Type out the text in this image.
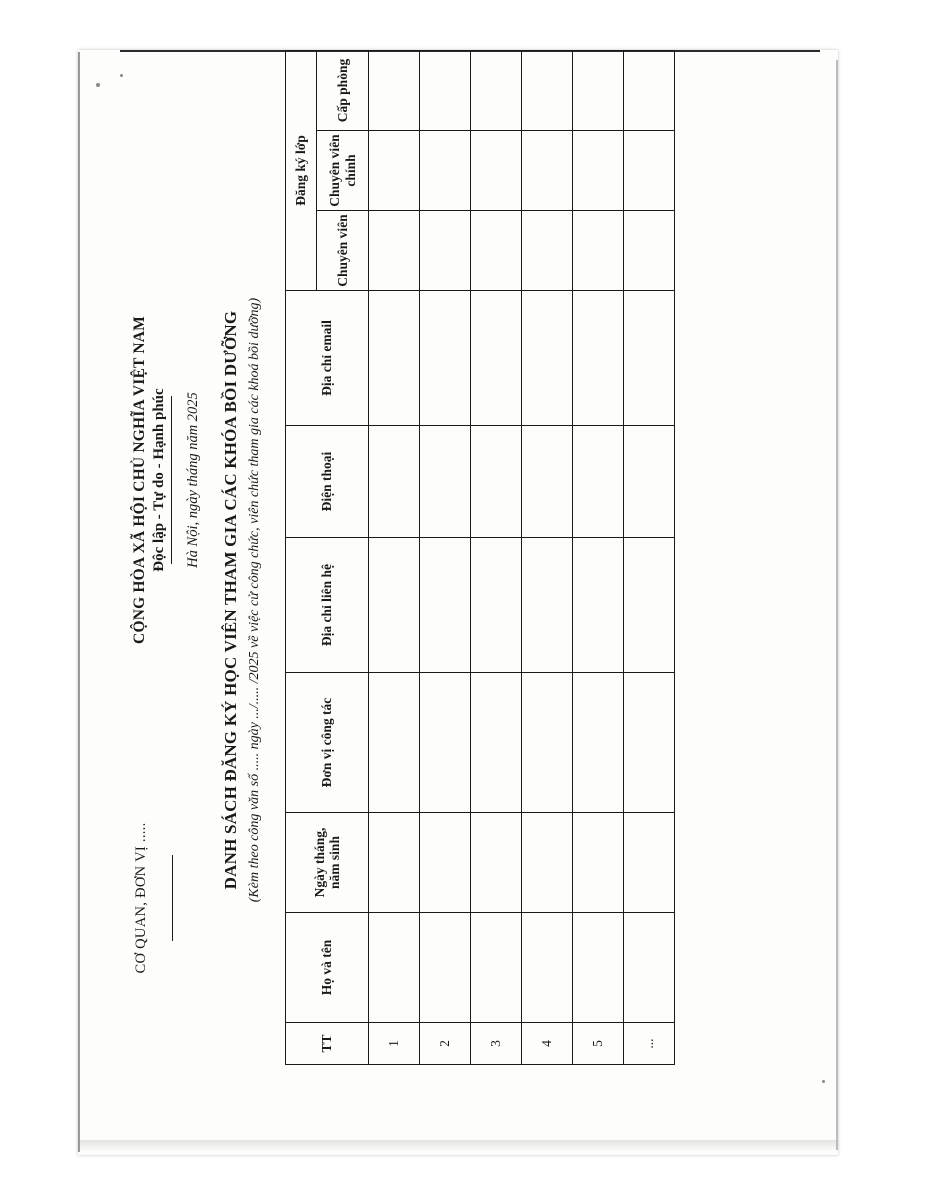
CƠ QUAN, ĐƠN VỊ .....
CỘNG HÒA XÃ HỘI CHỦ NGHĨA VIỆT NAM Độc lập - Tự do - Hạnh phúc Hà Nội, ngày tháng năm 2025 DANH SÁCH ĐĂNG KÝ HỌC VIÊN THAM GIA CÁC KHÓA BỒI DƯỠNG (Kèm theo công văn số ..... ngày .../..... /2025 về việc cử công chức, viên chức tham gia các khoá bồi dưỡng)
TT	Họ và tên	Ngày tháng, năm sinh	Đơn vị công tác	Địa chỉ liên hệ	Điện thoại	Địa chỉ email	Đăng ký lớp		
							Chuyên viên	Chuyên viên chính	Cấp phòng
1									
2									
3									
4									
5									
...									
